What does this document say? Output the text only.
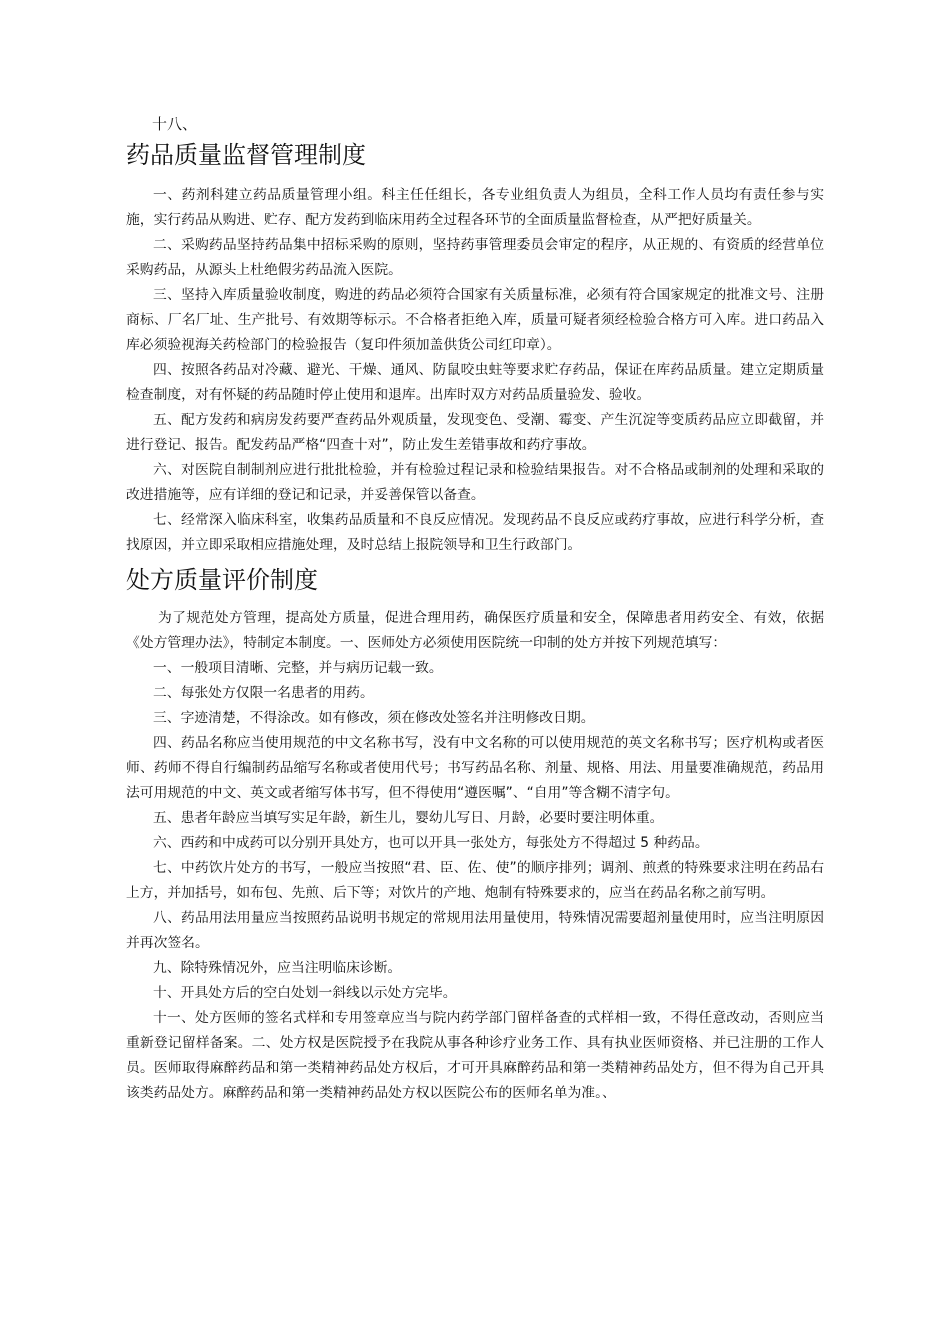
十八、

药品质量监督管理制度

一、药剂科建立药品质量管理小组。科主任任组长，各专业组负责人为组员，全科工作人员均有责任参与实施，实行药品从购进、贮存、配方发药到临床用药全过程各环节的全面质量监督检查，从严把好质量关。

二、采购药品坚持药品集中招标采购的原则，坚持药事管理委员会审定的程序，从正规的、有资质的经营单位采购药品，从源头上杜绝假劣药品流入医院。

三、坚持入库质量验收制度，购进的药品必须符合国家有关质量标准，必须有符合国家规定的批准文号、注册商标、厂名厂址、生产批号、有效期等标示。不合格者拒绝入库，质量可疑者须经检验合格方可入库。进口药品入库必须验视海关药检部门的检验报告（复印件须加盖供货公司红印章）。

四、按照各药品对冷藏、避光、干燥、通风、防鼠咬虫蛀等要求贮存药品，保证在库药品质量。建立定期质量检查制度，对有怀疑的药品随时停止使用和退库。出库时双方对药品质量验发、验收。

五、配方发药和病房发药要严查药品外观质量，发现变色、受潮、霉变、产生沉淀等变质药品应立即截留，并进行登记、报告。配发药品严格“四查十对”，防止发生差错事故和药疗事故。

六、对医院自制制剂应进行批批检验，并有检验过程记录和检验结果报告。对不合格品或制剂的处理和采取的改进措施等，应有详细的登记和记录，并妥善保管以备查。

七、经常深入临床科室，收集药品质量和不良反应情况。发现药品不良反应或药疗事故，应进行科学分析，查找原因，并立即采取相应措施处理，及时总结上报院领导和卫生行政部门。

处方质量评价制度

为了规范处方管理，提高处方质量，促进合理用药，确保医疗质量和安全，保障患者用药安全、有效，依据《处方管理办法》，特制定本制度。一、医师处方必须使用医院统一印制的处方并按下列规范填写：

一、一般项目清晰、完整，并与病历记载一致。

二、每张处方仅限一名患者的用药。

三、字迹清楚，不得涂改。如有修改，须在修改处签名并注明修改日期。

四、药品名称应当使用规范的中文名称书写，没有中文名称的可以使用规范的英文名称书写；医疗机构或者医师、药师不得自行编制药品缩写名称或者使用代号；书写药品名称、剂量、规格、用法、用量要准确规范，药品用法可用规范的中文、英文或者缩写体书写，但不得使用“遵医嘱”、“自用”等含糊不清字句。

五、患者年龄应当填写实足年龄，新生儿，婴幼儿写日、月龄，必要时要注明体重。

六、西药和中成药可以分别开具处方，也可以开具一张处方，每张处方不得超过 5 种药品。

七、中药饮片处方的书写，一般应当按照“君、臣、佐、使”的顺序排列；调剂、煎煮的特殊要求注明在药品右上方，并加括号，如布包、先煎、后下等；对饮片的产地、炮制有特殊要求的，应当在药品名称之前写明。

八、药品用法用量应当按照药品说明书规定的常规用法用量使用，特殊情况需要超剂量使用时，应当注明原因并再次签名。

九、除特殊情况外，应当注明临床诊断。

十、开具处方后的空白处划一斜线以示处方完毕。

十一、处方医师的签名式样和专用签章应当与院内药学部门留样备查的式样相一致，不得任意改动，否则应当重新登记留样备案。二、处方权是医院授予在我院从事各种诊疗业务工作、具有执业医师资格、并已注册的工作人员。医师取得麻醉药品和第一类精神药品处方权后，才可开具麻醉药品和第一类精神药品处方，但不得为自己开具该类药品处方。麻醉药品和第一类精神药品处方权以医院公布的医师名单为准。、
